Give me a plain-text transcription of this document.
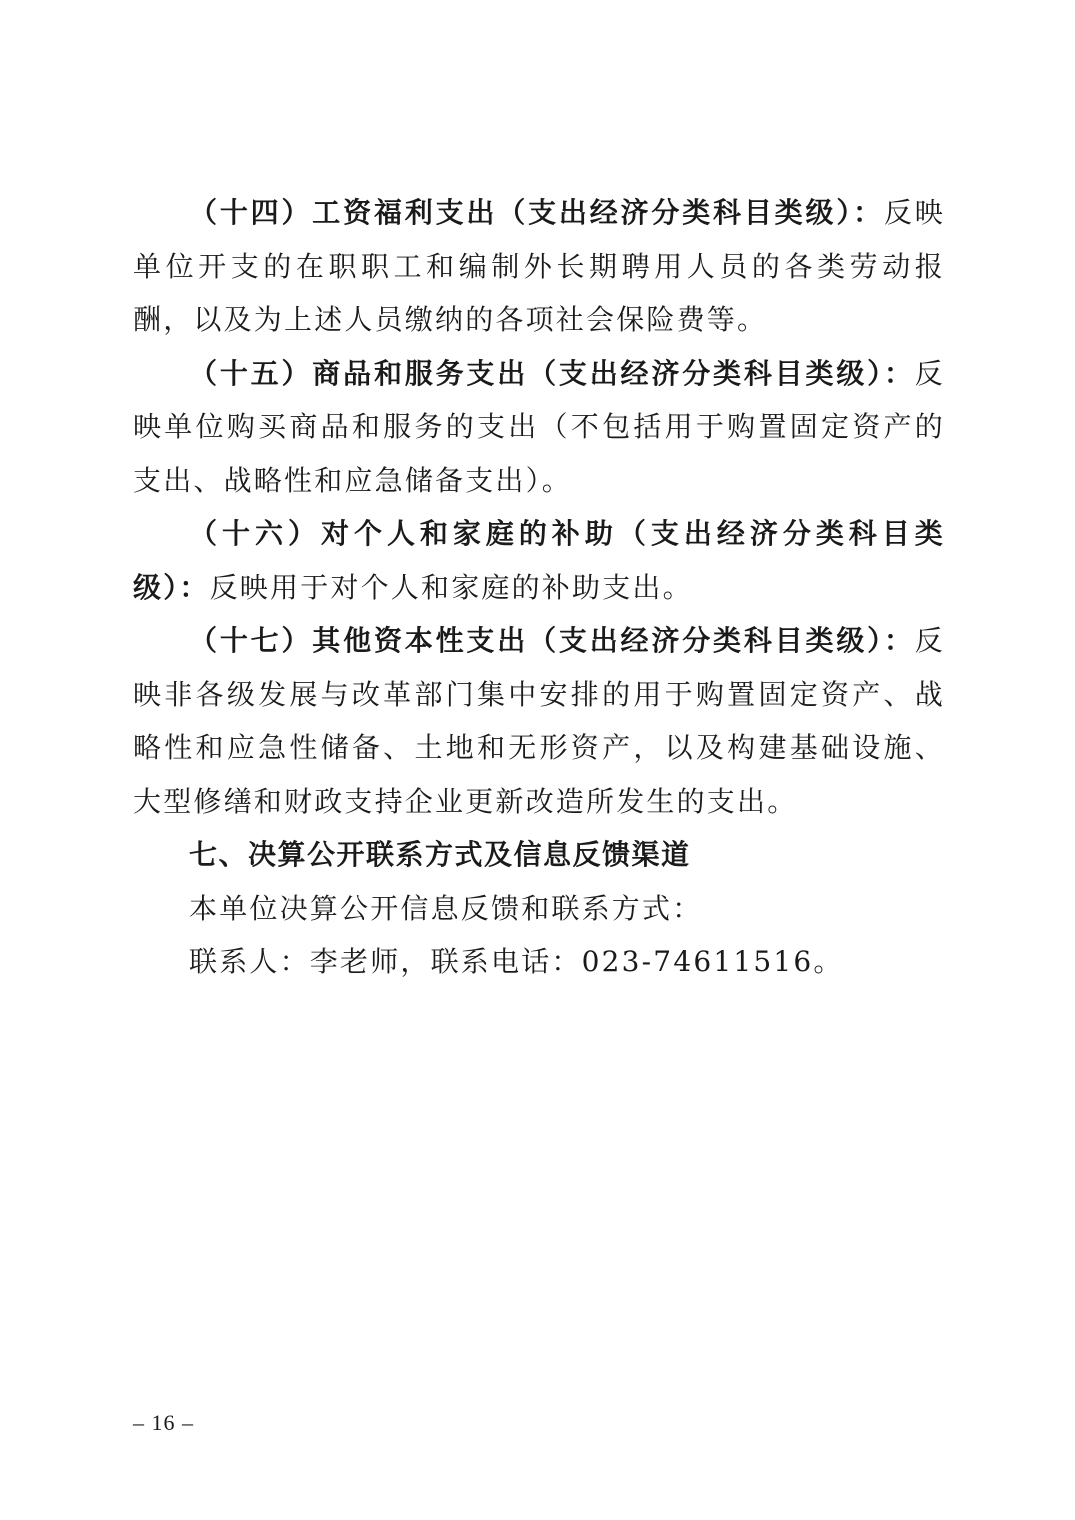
（十四）工资福利支出（支出经济分类科目类级）：反映单位开支的在职职工和编制外长期聘用人员的各类劳动报酬，以及为上述人员缴纳的各项社会保险费等。

（十五）商品和服务支出（支出经济分类科目类级）：反映单位购买商品和服务的支出（不包括用于购置固定资产的支出、战略性和应急储备支出）。

（十六）对个人和家庭的补助（支出经济分类科目类级）：反映用于对个人和家庭的补助支出。

（十七）其他资本性支出（支出经济分类科目类级）：反映非各级发展与改革部门集中安排的用于购置固定资产、战略性和应急性储备、土地和无形资产，以及构建基础设施、大型修缮和财政支持企业更新改造所发生的支出。

七、决算公开联系方式及信息反馈渠道

本单位决算公开信息反馈和联系方式：

联系人：李老师，联系电话：023-74611516。

– 16 –
